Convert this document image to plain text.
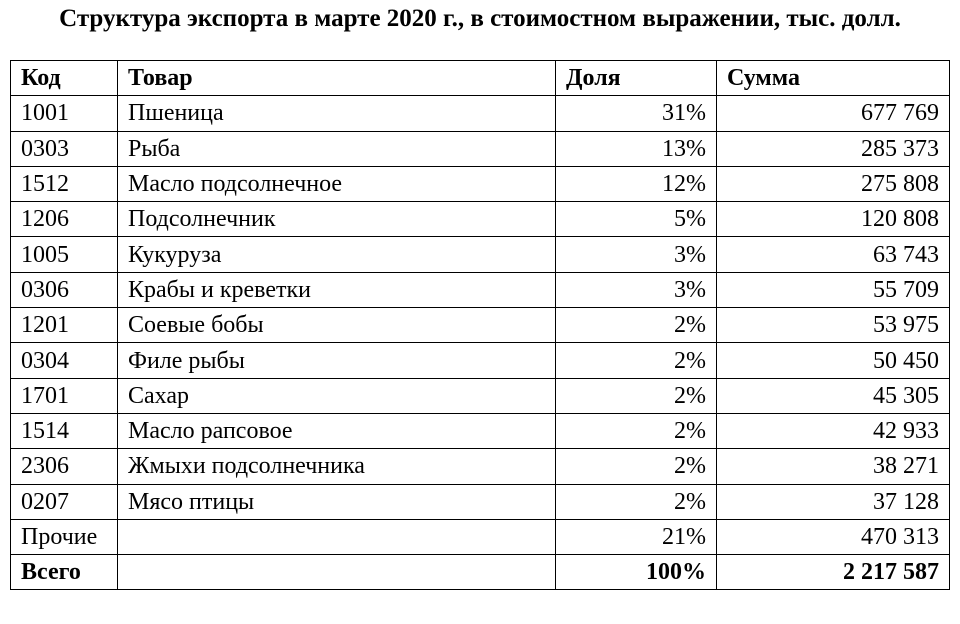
Структура экспорта в марте 2020 г., в стоимостном выражении, тыс. долл.
Код	Товар	Доля	Сумма
1001	Пшеница	31%	677 769
0303	Рыба	13%	285 373
1512	Масло подсолнечное	12%	275 808
1206	Подсолнечник	5%	120 808
1005	Кукуруза	3%	63 743
0306	Крабы и креветки	3%	55 709
1201	Соевые бобы	2%	53 975
0304	Филе рыбы	2%	50 450
1701	Сахар	2%	45 305
1514	Масло рапсовое	2%	42 933
2306	Жмыхи подсолнечника	2%	38 271
0207	Мясо птицы	2%	37 128
Прочие		21%	470 313
Всего		100%	2 217 587
